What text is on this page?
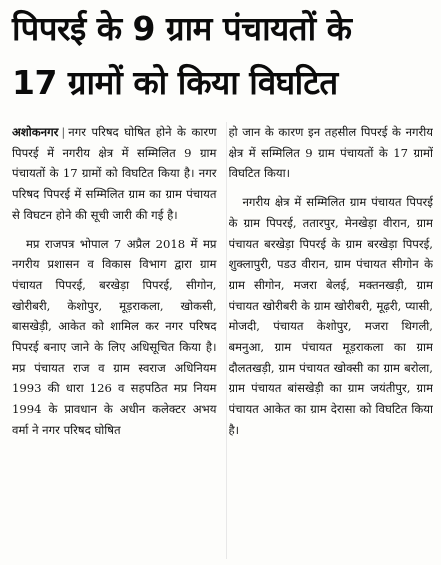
पिपरई के 9 ग्राम पंचायतों के
17 ग्रामों को किया विघटित

अशोकनगर | नगर परिषद घोषित होने के कारण पिपरई में नगरीय क्षेत्र में सम्मिलित 9 ग्राम पंचायतों के 17 ग्रामों को विघटित किया है। नगर परिषद पिपरई में सम्मिलित ग्राम का ग्राम पंचायत से विघटन होने की सूची जारी की गई है।

मप्र राजपत्र भोपाल 7 अप्रैल 2018 में मप्र नगरीय प्रशासन व विकास विभाग द्वारा ग्राम पंचायत पिपरई, बरखेड़ा पिपरई, सीगोन, खोरीबरी, केशोपुर, मूड़राकला, खोकसी, बासखेड़ी, आकेत को शामिल कर नगर परिषद पिपरई बनाए जाने के लिए अधिसूचित किया है। मप्र पंचायत राज व ग्राम स्वराज अधिनियम 1993 की धारा 126 व सहपठित मप्र नियम 1994 के प्रावधान के अधीन कलेक्टर अभय वर्मा ने नगर परिषद घोषित

हो जान के कारण इन तहसील पिपरई के नगरीय क्षेत्र में सम्मिलित 9 ग्राम पंचायतों के 17 ग्रामों विघटित किया।

नगरीय क्षेत्र में सम्मिलित ग्राम पंचायत पिपरई के ग्राम पिपरई, ततारपुर, मेनखेड़ा वीरान, ग्राम पंचायत बरखेड़ा पिपरई के ग्राम बरखेड़ा पिपरई, शुक्लापुरी, पडउ वीरान, ग्राम पंचायत सीगोन के ग्राम सीगोन, मजरा बेलई, मक्तनखड़ी, ग्राम पंचायत खोरीबरी के ग्राम खोरीबरी, मूढ़री, प्यासी, मोजदी, पंचायत केशोपुर, मजरा थिगली, बमनुआ, ग्राम पंचायत मूड़राकला का ग्राम दौलतखड़ी, ग्राम पंचायत खोक्सी का ग्राम बरोला, ग्राम पंचायत बांसखेड़ी का ग्राम जयंतीपुर, ग्राम पंचायत आकेत का ग्राम देरासा को विघटित किया है।
